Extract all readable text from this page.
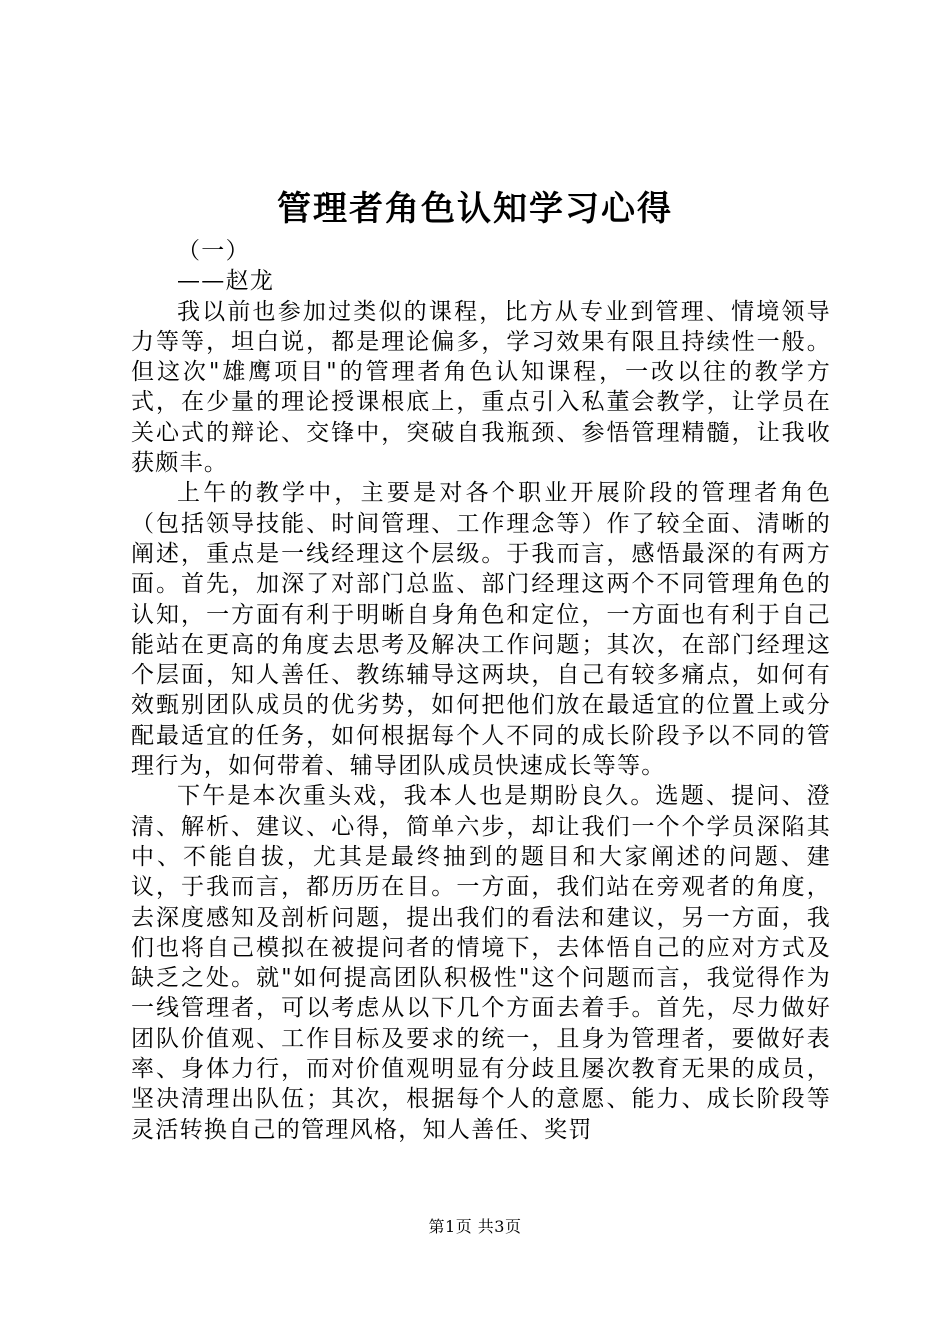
管理者角色认知学习心得

（一）

——赵龙

我以前也参加过类似的课程，比方从专业到管理、情境领导力等等，坦白说，都是理论偏多，学习效果有限且持续性一般。但这次"雄鹰项目"的管理者角色认知课程，一改以往的教学方式，在少量的理论授课根底上，重点引入私董会教学，让学员在关心式的辩论、交锋中，突破自我瓶颈、参悟管理精髓，让我收获颇丰。

上午的教学中，主要是对各个职业开展阶段的管理者角色（包括领导技能、时间管理、工作理念等）作了较全面、清晰的阐述，重点是一线经理这个层级。于我而言，感悟最深的有两方面。首先，加深了对部门总监、部门经理这两个不同管理角色的认知，一方面有利于明晰自身角色和定位，一方面也有利于自己能站在更高的角度去思考及解决工作问题；其次，在部门经理这个层面，知人善任、教练辅导这两块，自己有较多痛点，如何有效甄别团队成员的优劣势，如何把他们放在最适宜的位置上或分配最适宜的任务，如何根据每个人不同的成长阶段予以不同的管理行为，如何带着、辅导团队成员快速成长等等。

下午是本次重头戏，我本人也是期盼良久。选题、提问、澄清、解析、建议、心得，简单六步，却让我们一个个学员深陷其中、不能自拔，尤其是最终抽到的题目和大家阐述的问题、建议，于我而言，都历历在目。一方面，我们站在旁观者的角度，去深度感知及剖析问题，提出我们的看法和建议，另一方面，我们也将自己模拟在被提问者的情境下，去体悟自己的应对方式及缺乏之处。就"如何提高团队积极性"这个问题而言，我觉得作为一线管理者，可以考虑从以下几个方面去着手。首先，尽力做好团队价值观、工作目标及要求的统一，且身为管理者，要做好表率、身体力行，而对价值观明显有分歧且屡次教育无果的成员，坚决清理出队伍；其次，根据每个人的意愿、能力、成长阶段等灵活转换自己的管理风格，知人善任、奖罚

第1页 共3页
